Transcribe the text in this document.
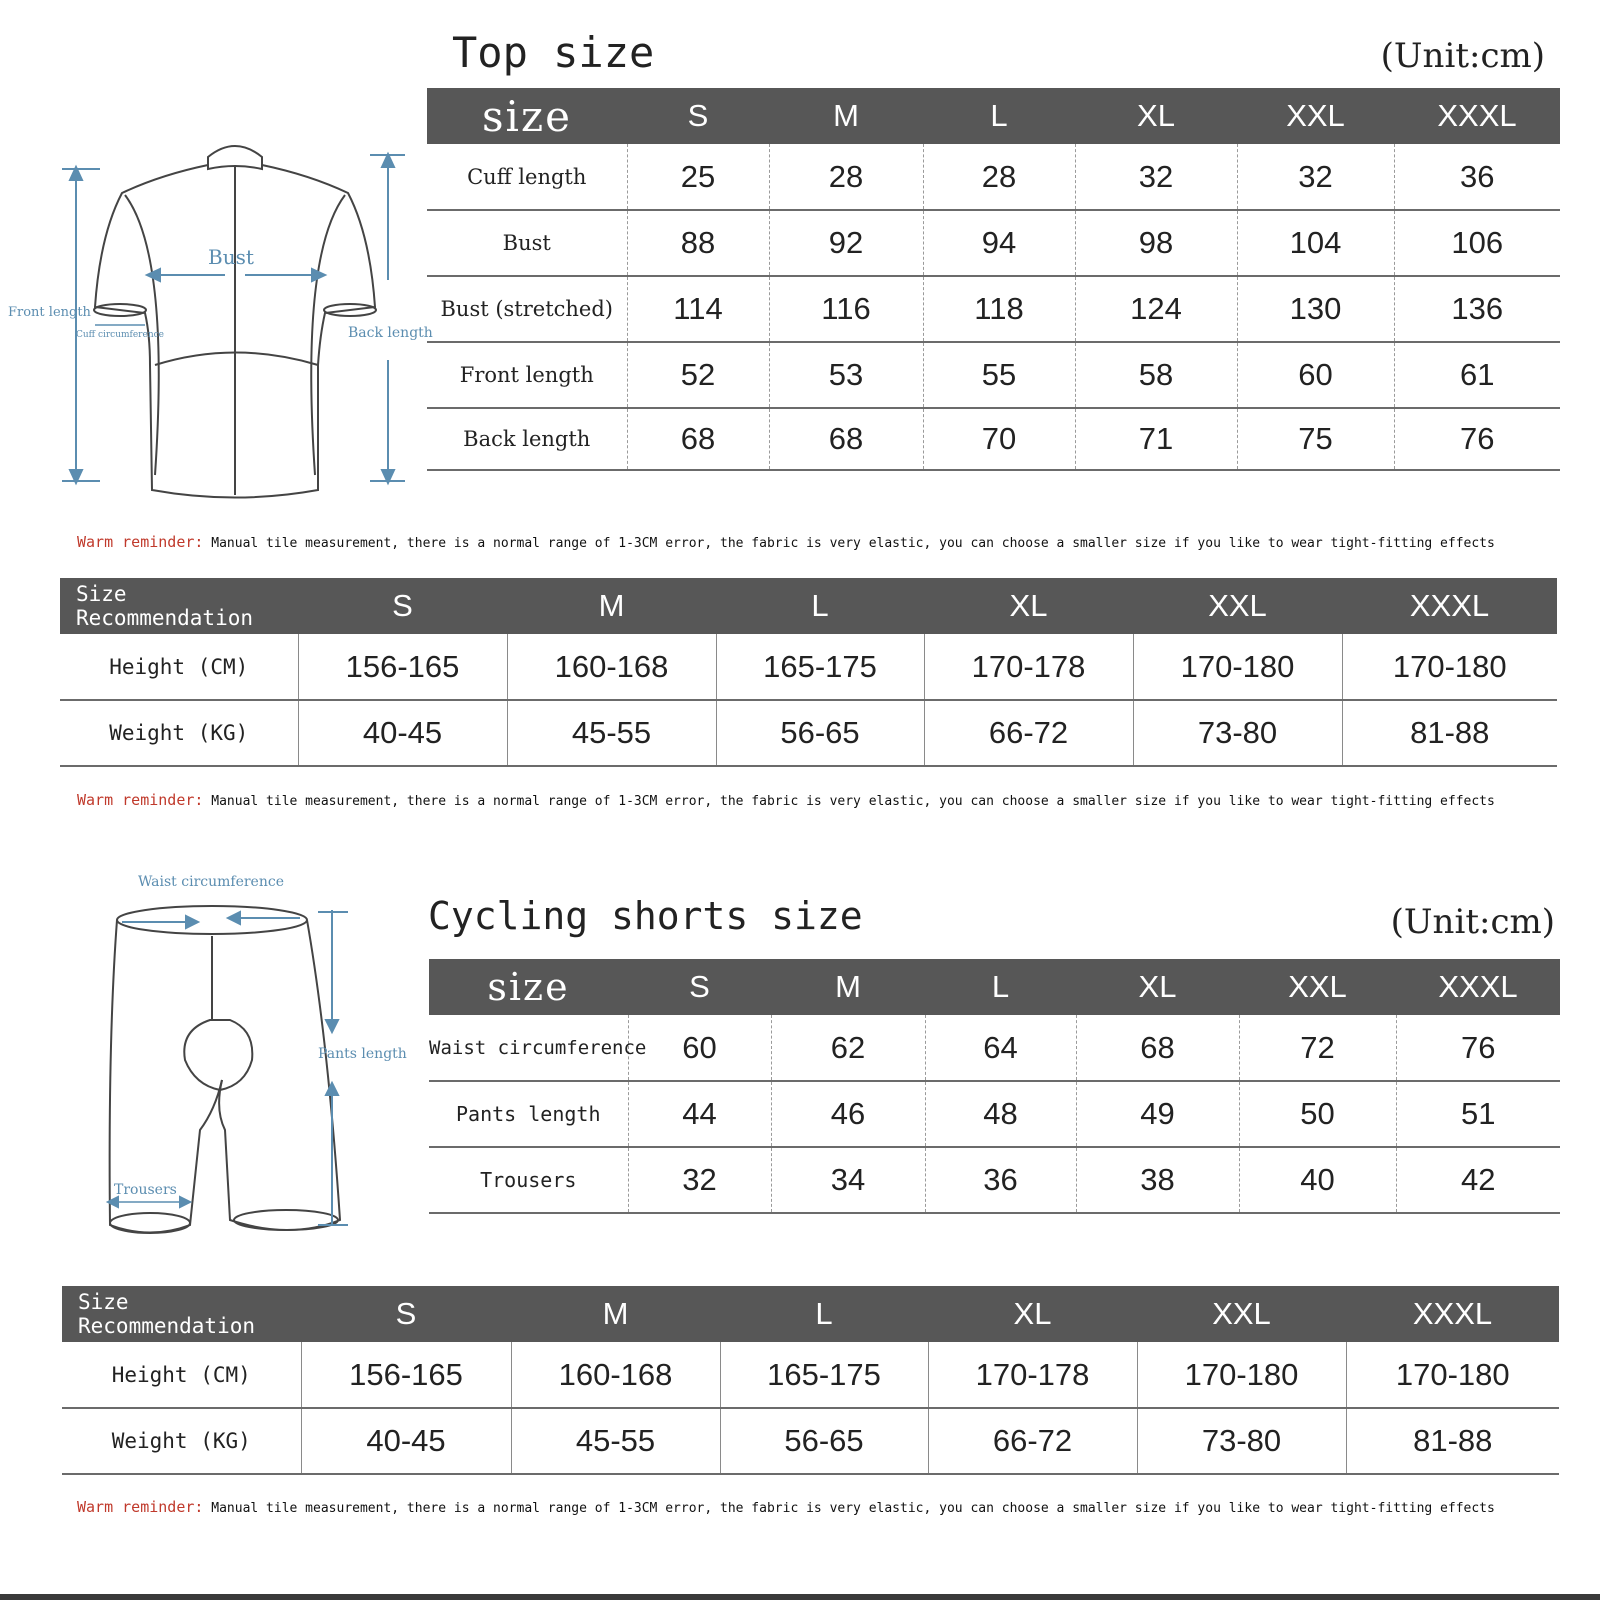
Top size	(Unit:cm)
Bust
Front length
Back length
Cuff circumference
size	S	M	L	XL	XXL	XXXL
Cuff length	25	28	28	32	32	36
Bust	88	92	94	98	104	106
Bust (stretched)	114	116	118	124	130	136
Front length	52	53	55	58	60	61
Back length	68	68	70	71	75	76
Warm reminder: Manual tile measurement, there is a normal range of 1-3CM error, the fabric is very elastic, you can choose a smaller size if you like to wear tight-fitting effects
Size Recommendation	S	M	L	XL	XXL	XXXL
Height (CM)	156-165	160-168	165-175	170-178	170-180	170-180
Weight (KG)	40-45	45-55	56-65	66-72	73-80	81-88
Warm reminder: Manual tile measurement, there is a normal range of 1-3CM error, the fabric is very elastic, you can choose a smaller size if you like to wear tight-fitting effects
Cycling shorts size	(Unit:cm)
Waist circumference
Pants length
Trousers
size	S	M	L	XL	XXL	XXXL
Waist circumference	60	62	64	68	72	76
Pants length	44	46	48	49	50	51
Trousers	32	34	36	38	40	42
Size Recommendation	S	M	L	XL	XXL	XXXL
Height (CM)	156-165	160-168	165-175	170-178	170-180	170-180
Weight (KG)	40-45	45-55	56-65	66-72	73-80	81-88
Warm reminder: Manual tile measurement, there is a normal range of 1-3CM error, the fabric is very elastic, you can choose a smaller size if you like to wear tight-fitting effects
